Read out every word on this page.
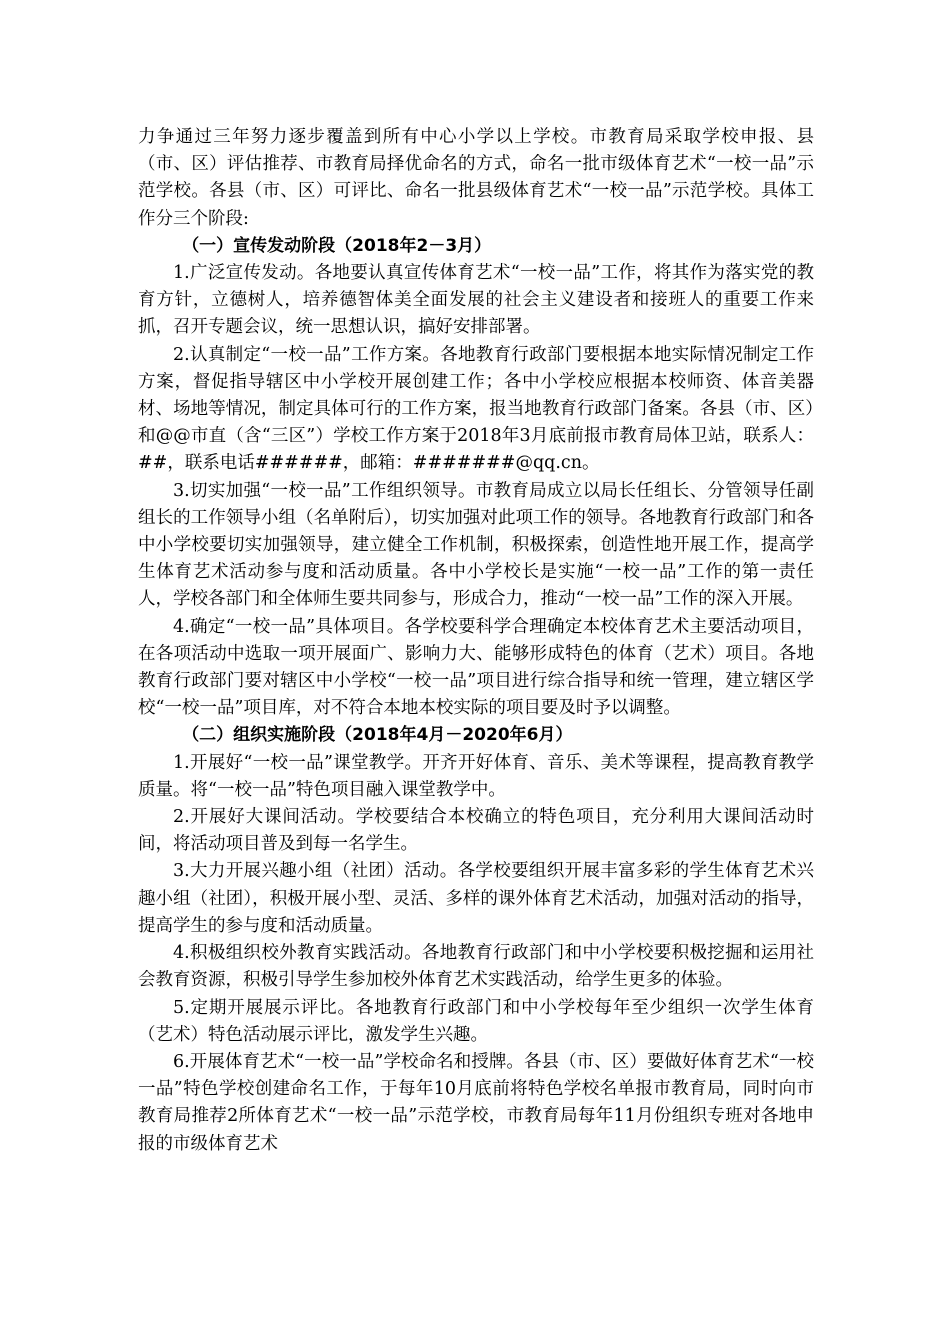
力争通过三年努力逐步覆盖到所有中心小学以上学校。市教育局采取学校申报、县（市、区）评估推荐、市教育局择优命名的方式，命名一批市级体育艺术“一校一品”示范学校。各县（市、区）可评比、命名一批县级体育艺术“一校一品”示范学校。具体工作分三个阶段:

（一）宣传发动阶段（2018年2－3月）

1.广泛宣传发动。各地要认真宣传体育艺术“一校一品”工作，将其作为落实党的教育方针，立德树人，培养德智体美全面发展的社会主义建设者和接班人的重要工作来抓，召开专题会议，统一思想认识，搞好安排部署。

2.认真制定“一校一品”工作方案。各地教育行政部门要根据本地实际情况制定工作方案，督促指导辖区中小学校开展创建工作；各中小学校应根据本校师资、体音美器材、场地等情况，制定具体可行的工作方案，报当地教育行政部门备案。各县（市、区）和@@市直（含“三区”）学校工作方案于2018年3月底前报市教育局体卫站，联系人：##，联系电话######，邮箱：#######@qq.cn。

3.切实加强“一校一品”工作组织领导。市教育局成立以局长任组长、分管领导任副组长的工作领导小组（名单附后），切实加强对此项工作的领导。各地教育行政部门和各中小学校要切实加强领导，建立健全工作机制，积极探索，创造性地开展工作，提高学生体育艺术活动参与度和活动质量。各中小学校长是实施“一校一品”工作的第一责任人，学校各部门和全体师生要共同参与，形成合力，推动“一校一品”工作的深入开展。

4.确定“一校一品”具体项目。各学校要科学合理确定本校体育艺术主要活动项目，在各项活动中选取一项开展面广、影响力大、能够形成特色的体育（艺术）项目。各地教育行政部门要对辖区中小学校“一校一品”项目进行综合指导和统一管理，建立辖区学校“一校一品”项目库，对不符合本地本校实际的项目要及时予以调整。

（二）组织实施阶段（2018年4月－2020年6月）

1.开展好“一校一品”课堂教学。开齐开好体育、音乐、美术等课程，提高教育教学质量。将“一校一品”特色项目融入课堂教学中。

2.开展好大课间活动。学校要结合本校确立的特色项目，充分利用大课间活动时间，将活动项目普及到每一名学生。

3.大力开展兴趣小组（社团）活动。各学校要组织开展丰富多彩的学生体育艺术兴趣小组（社团），积极开展小型、灵活、多样的课外体育艺术活动，加强对活动的指导，提高学生的参与度和活动质量。

4.积极组织校外教育实践活动。各地教育行政部门和中小学校要积极挖掘和运用社会教育资源，积极引导学生参加校外体育艺术实践活动，给学生更多的体验。

5.定期开展展示评比。各地教育行政部门和中小学校每年至少组织一次学生体育（艺术）特色活动展示评比，激发学生兴趣。

6.开展体育艺术“一校一品”学校命名和授牌。各县（市、区）要做好体育艺术“一校一品”特色学校创建命名工作，于每年10月底前将特色学校名单报市教育局，同时向市教育局推荐2所体育艺术“一校一品”示范学校，市教育局每年11月份组织专班对各地申报的市级体育艺术
